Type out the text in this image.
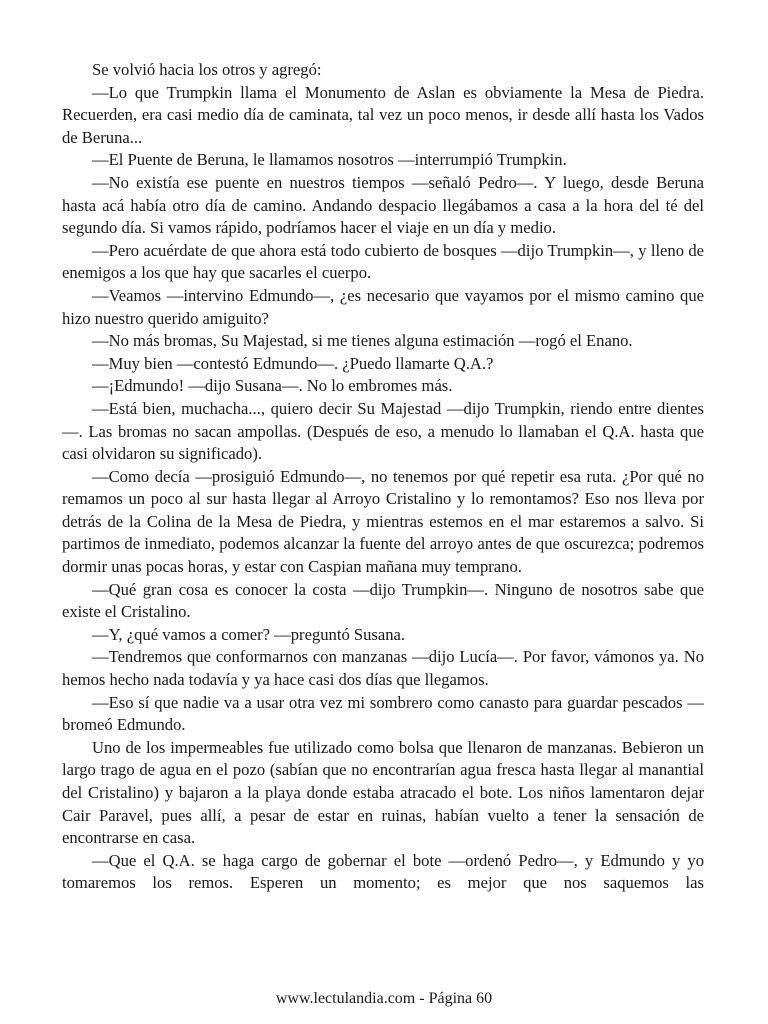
Se volvió hacia los otros y agregó:

—Lo que Trumpkin llama el Monumento de Aslan es obviamente la Mesa de Piedra. Recuerden, era casi medio día de caminata, tal vez un poco menos, ir desde allí hasta los Vados de Beruna...

—El Puente de Beruna, le llamamos nosotros —interrumpió Trumpkin.

—No existía ese puente en nuestros tiempos —señaló Pedro—. Y luego, desde Beruna hasta acá había otro día de camino. Andando despacio llegábamos a casa a la hora del té del segundo día. Si vamos rápido, podríamos hacer el viaje en un día y medio.

—Pero acuérdate de que ahora está todo cubierto de bosques —dijo Trumpkin—, y lleno de enemigos a los que hay que sacarles el cuerpo.

—Veamos —intervino Edmundo—, ¿es necesario que vayamos por el mismo camino que hizo nuestro querido amiguito?

—No más bromas, Su Majestad, si me tienes alguna estimación —rogó el Enano.

—Muy bien —contestó Edmundo—. ¿Puedo llamarte Q.A.?

—¡Edmundo! —dijo Susana—. No lo embromes más.

—Está bien, muchacha..., quiero decir Su Majestad —dijo Trumpkin, riendo entre dientes—. Las bromas no sacan ampollas. (Después de eso, a menudo lo llamaban el Q.A. hasta que casi olvidaron su significado).

—Como decía —prosiguió Edmundo—, no tenemos por qué repetir esa ruta. ¿Por qué no remamos un poco al sur hasta llegar al Arroyo Cristalino y lo remontamos? Eso nos lleva por detrás de la Colina de la Mesa de Piedra, y mientras estemos en el mar estaremos a salvo. Si partimos de inmediato, podemos alcanzar la fuente del arroyo antes de que oscurezca; podremos dormir unas pocas horas, y estar con Caspian mañana muy temprano.

—Qué gran cosa es conocer la costa —dijo Trumpkin—. Ninguno de nosotros sabe que existe el Cristalino.

—Y, ¿qué vamos a comer? —preguntó Susana.

—Tendremos que conformarnos con manzanas —dijo Lucía—. Por favor, vámonos ya. No hemos hecho nada todavía y ya hace casi dos días que llegamos.

—Eso sí que nadie va a usar otra vez mi sombrero como canasto para guardar pescados —bromeó Edmundo.

Uno de los impermeables fue utilizado como bolsa que llenaron de manzanas. Bebieron un largo trago de agua en el pozo (sabían que no encontrarían agua fresca hasta llegar al manantial del Cristalino) y bajaron a la playa donde estaba atracado el bote. Los niños lamentaron dejar Cair Paravel, pues allí, a pesar de estar en ruinas, habían vuelto a tener la sensación de encontrarse en casa.

—Que el Q.A. se haga cargo de gobernar el bote —ordenó Pedro—, y Edmundo y yo tomaremos los remos. Esperen un momento; es mejor que nos saquemos las

www.lectulandia.com - Página 60
